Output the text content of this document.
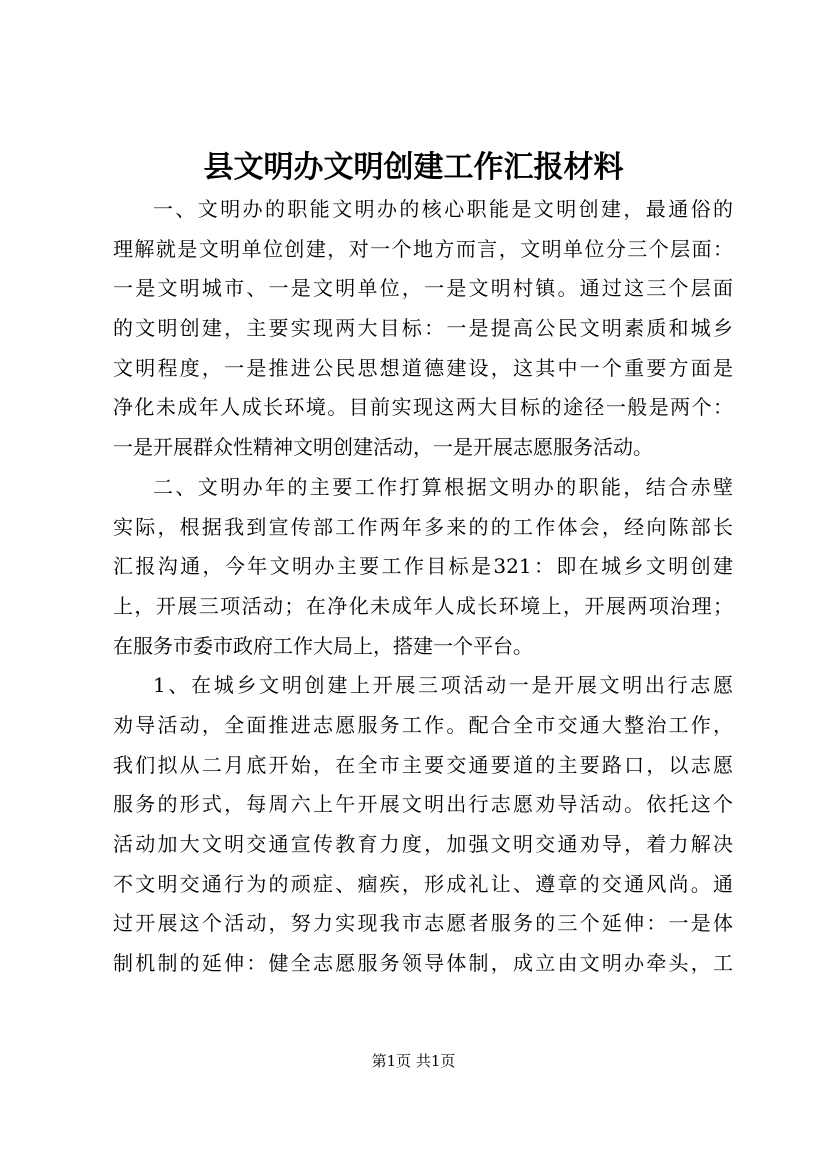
县文明办文明创建工作汇报材料
一、文明办的职能文明办的核心职能是文明创建，最通俗的
理解就是文明单位创建，对一个地方而言，文明单位分三个层面：
一是文明城市、一是文明单位，一是文明村镇。通过这三个层面
的文明创建，主要实现两大目标：一是提高公民文明素质和城乡
文明程度，一是推进公民思想道德建设，这其中一个重要方面是
净化未成年人成长环境。目前实现这两大目标的途径一般是两个：
一是开展群众性精神文明创建活动，一是开展志愿服务活动。
二、文明办年的主要工作打算根据文明办的职能，结合赤壁
实际，根据我到宣传部工作两年多来的的工作体会，经向陈部长
汇报沟通，今年文明办主要工作目标是321：即在城乡文明创建
上，开展三项活动；在净化未成年人成长环境上，开展两项治理；
在服务市委市政府工作大局上，搭建一个平台。
1、在城乡文明创建上开展三项活动一是开展文明出行志愿
劝导活动，全面推进志愿服务工作。配合全市交通大整治工作，
我们拟从二月底开始，在全市主要交通要道的主要路口，以志愿
服务的形式，每周六上午开展文明出行志愿劝导活动。依托这个
活动加大文明交通宣传教育力度，加强文明交通劝导，着力解决
不文明交通行为的顽症、痼疾，形成礼让、遵章的交通风尚。通
过开展这个活动，努力实现我市志愿者服务的三个延伸：一是体
制机制的延伸：健全志愿服务领导体制，成立由文明办牵头，工
第1页 共1页
